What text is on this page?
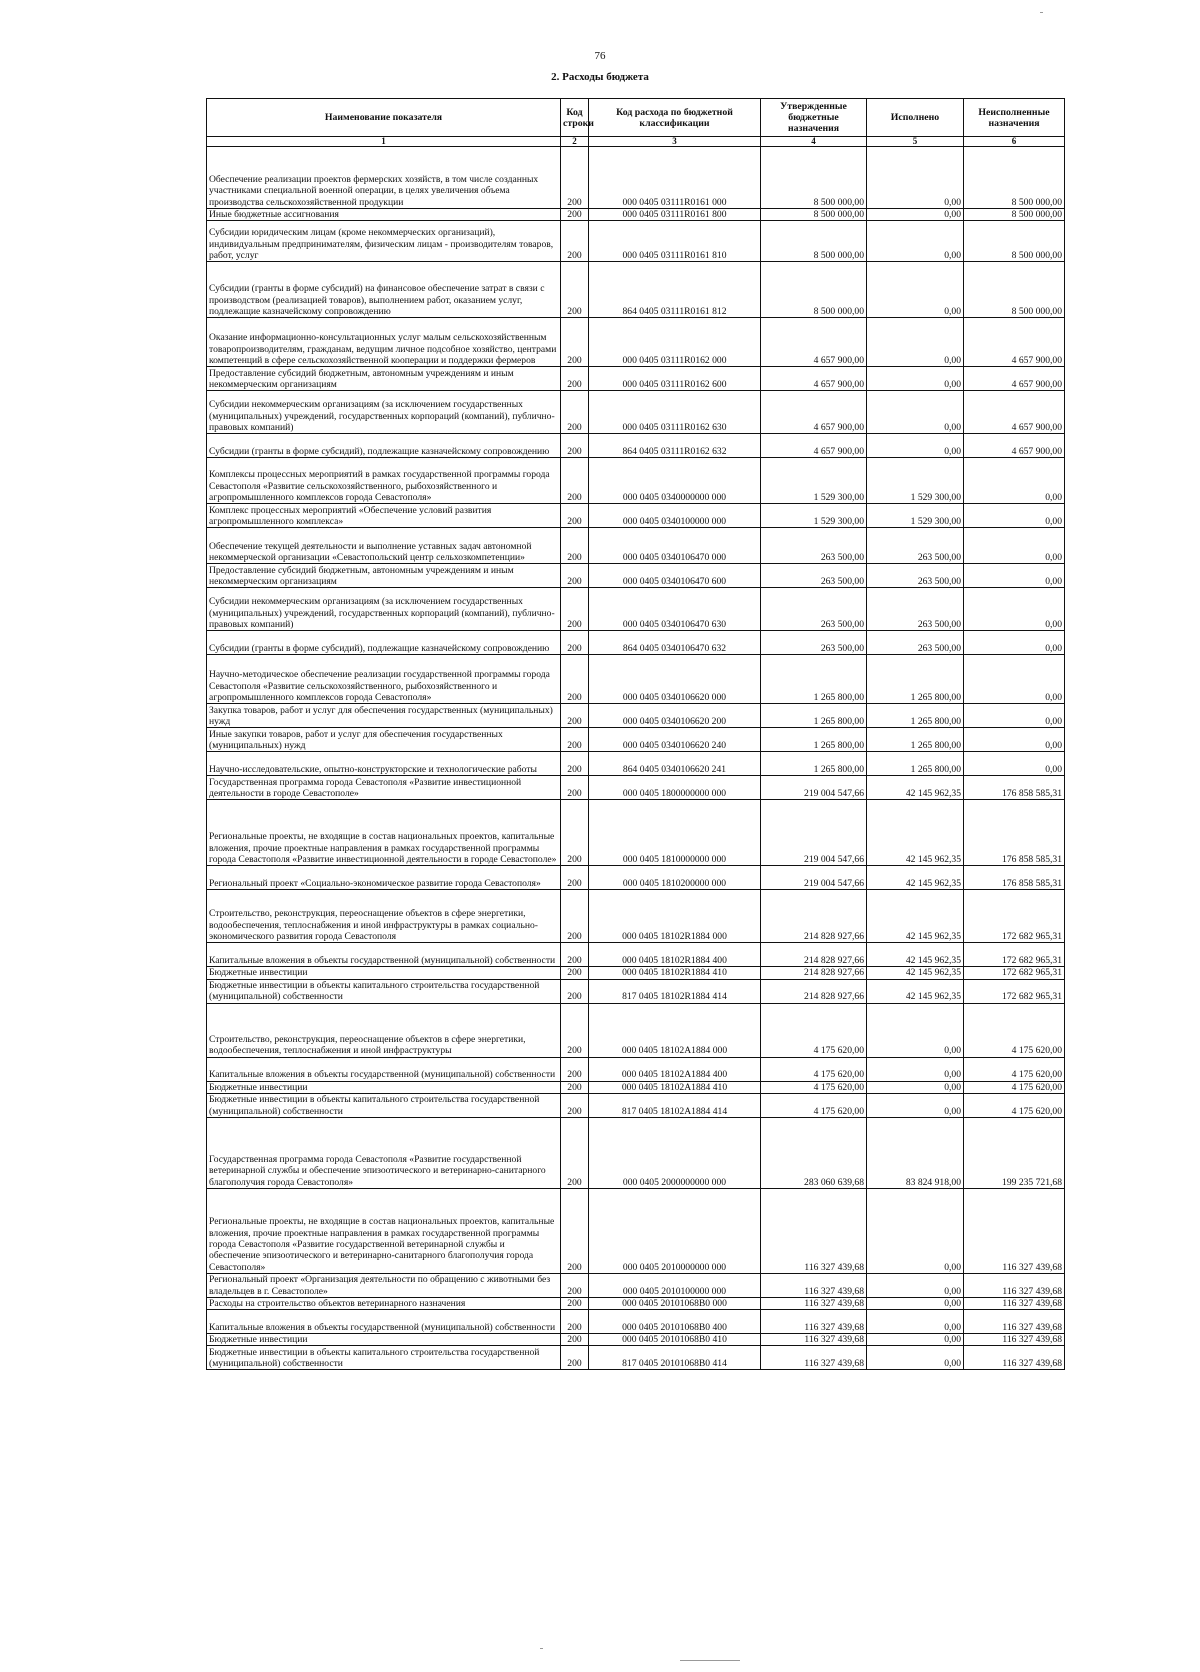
76
2. Расходы бюджета
Наименование показателя	Код строки	Код расхода по бюджетной классификации	Утвержденные бюджетные назначения	Исполнено	Неисполненные назначения
1	2	3	4	5	6
Обеспечение реализации проектов фермерских хозяйств, в том числе созданных участниками специальной военной операции, в целях увеличения объема производства сельскохозяйственной продукции	200	000 0405 03111R0161 000	8 500 000,00	0,00	8 500 000,00
Иные бюджетные ассигнования	200	000 0405 03111R0161 800	8 500 000,00	0,00	8 500 000,00
Субсидии юридическим лицам (кроме некоммерческих организаций), индивидуальным предпринимателям, физическим лицам - производителям товаров, работ, услуг	200	000 0405 03111R0161 810	8 500 000,00	0,00	8 500 000,00
Субсидии (гранты в форме субсидий) на финансовое обеспечение затрат в связи с производством (реализацией товаров), выполнением работ, оказанием услуг, подлежащие казначейскому сопровождению	200	864 0405 03111R0161 812	8 500 000,00	0,00	8 500 000,00
Оказание информационно-консультационных услуг малым сельскохозяйственным товаропроизводителям, гражданам, ведущим личное подсобное хозяйство, центрами компетенций в сфере сельскохозяйственной кооперации и поддержки фермеров	200	000 0405 03111R0162 000	4 657 900,00	0,00	4 657 900,00
Предоставление субсидий бюджетным, автономным учреждениям и иным некоммерческим организациям	200	000 0405 03111R0162 600	4 657 900,00	0,00	4 657 900,00
Субсидии некоммерческим организациям (за исключением государственных (муниципальных) учреждений, государственных корпораций (компаний), публично-правовых компаний)	200	000 0405 03111R0162 630	4 657 900,00	0,00	4 657 900,00
Субсидии (гранты в форме субсидий), подлежащие казначейскому сопровождению	200	864 0405 03111R0162 632	4 657 900,00	0,00	4 657 900,00
Комплексы процессных мероприятий в рамках государственной программы города Севастополя «Развитие сельскохозяйственного, рыбохозяйственного и агропромышленного комплексов города Севастополя»	200	000 0405 0340000000 000	1 529 300,00	1 529 300,00	0,00
Комплекс процессных мероприятий «Обеспечение условий развития агропромышленного комплекса»	200	000 0405 0340100000 000	1 529 300,00	1 529 300,00	0,00
Обеспечение текущей деятельности и выполнение уставных задач автономной некоммерческой организации «Севастопольский центр сельхозкомпетенции»	200	000 0405 0340106470 000	263 500,00	263 500,00	0,00
Предоставление субсидий бюджетным, автономным учреждениям и иным некоммерческим организациям	200	000 0405 0340106470 600	263 500,00	263 500,00	0,00
Субсидии некоммерческим организациям (за исключением государственных (муниципальных) учреждений, государственных корпораций (компаний), публично-правовых компаний)	200	000 0405 0340106470 630	263 500,00	263 500,00	0,00
Субсидии (гранты в форме субсидий), подлежащие казначейскому сопровождению	200	864 0405 0340106470 632	263 500,00	263 500,00	0,00
Научно-методическое обеспечение реализации государственной программы города Севастополя «Развитие сельскохозяйственного, рыбохозяйственного и агропромышленного комплексов города Севастополя»	200	000 0405 0340106620 000	1 265 800,00	1 265 800,00	0,00
Закупка товаров, работ и услуг для обеспечения государственных (муниципальных) нужд	200	000 0405 0340106620 200	1 265 800,00	1 265 800,00	0,00
Иные закупки товаров, работ и услуг для обеспечения государственных (муниципальных) нужд	200	000 0405 0340106620 240	1 265 800,00	1 265 800,00	0,00
Научно-исследовательские, опытно-конструкторские и технологические работы	200	864 0405 0340106620 241	1 265 800,00	1 265 800,00	0,00
Государственная программа города Севастополя «Развитие инвестиционной деятельности в городе Севастополе»	200	000 0405 1800000000 000	219 004 547,66	42 145 962,35	176 858 585,31
Региональные проекты, не входящие в состав национальных проектов, капитальные вложения, прочие проектные направления в рамках государственной программы города Севастополя «Развитие инвестиционной деятельности в городе Севастополе»	200	000 0405 1810000000 000	219 004 547,66	42 145 962,35	176 858 585,31
Региональный проект «Социально-экономическое развитие города Севастополя»	200	000 0405 1810200000 000	219 004 547,66	42 145 962,35	176 858 585,31
Строительство, реконструкция, переоснащение объектов в сфере энергетики, водообеспечения, теплоснабжения и иной инфраструктуры в рамках социально-экономического развития города Севастополя	200	000 0405 18102R1884 000	214 828 927,66	42 145 962,35	172 682 965,31
Капитальные вложения в объекты государственной (муниципальной) собственности	200	000 0405 18102R1884 400	214 828 927,66	42 145 962,35	172 682 965,31
Бюджетные инвестиции	200	000 0405 18102R1884 410	214 828 927,66	42 145 962,35	172 682 965,31
Бюджетные инвестиции в объекты капитального строительства государственной (муниципальной) собственности	200	817 0405 18102R1884 414	214 828 927,66	42 145 962,35	172 682 965,31
Строительство, реконструкция, переоснащение объектов в сфере энергетики, водообеспечения, теплоснабжения и иной инфраструктуры	200	000 0405 18102A1884 000	4 175 620,00	0,00	4 175 620,00
Капитальные вложения в объекты государственной (муниципальной) собственности	200	000 0405 18102A1884 400	4 175 620,00	0,00	4 175 620,00
Бюджетные инвестиции	200	000 0405 18102A1884 410	4 175 620,00	0,00	4 175 620,00
Бюджетные инвестиции в объекты капитального строительства государственной (муниципальной) собственности	200	817 0405 18102A1884 414	4 175 620,00	0,00	4 175 620,00
Государственная программа города Севастополя «Развитие государственной ветеринарной службы и обеспечение эпизоотического и ветеринарно-санитарного благополучия города Севастополя»	200	000 0405 2000000000 000	283 060 639,68	83 824 918,00	199 235 721,68
Региональные проекты, не входящие в состав национальных проектов, капитальные вложения, прочие проектные направления в рамках государственной программы города Севастополя «Развитие государственной ветеринарной службы и обеспечение эпизоотического и ветеринарно-санитарного благополучия города Севастополя»	200	000 0405 2010000000 000	116 327 439,68	0,00	116 327 439,68
Региональный проект «Организация деятельности по обращению с животными без владельцев в г. Севастополе»	200	000 0405 2010100000 000	116 327 439,68	0,00	116 327 439,68
Расходы на строительство объектов ветеринарного назначения	200	000 0405 20101068B0 000	116 327 439,68	0,00	116 327 439,68
Капитальные вложения в объекты государственной (муниципальной) собственности	200	000 0405 20101068B0 400	116 327 439,68	0,00	116 327 439,68
Бюджетные инвестиции	200	000 0405 20101068B0 410	116 327 439,68	0,00	116 327 439,68
Бюджетные инвестиции в объекты капитального строительства государственной (муниципальной) собственности	200	817 0405 20101068B0 414	116 327 439,68	0,00	116 327 439,68
